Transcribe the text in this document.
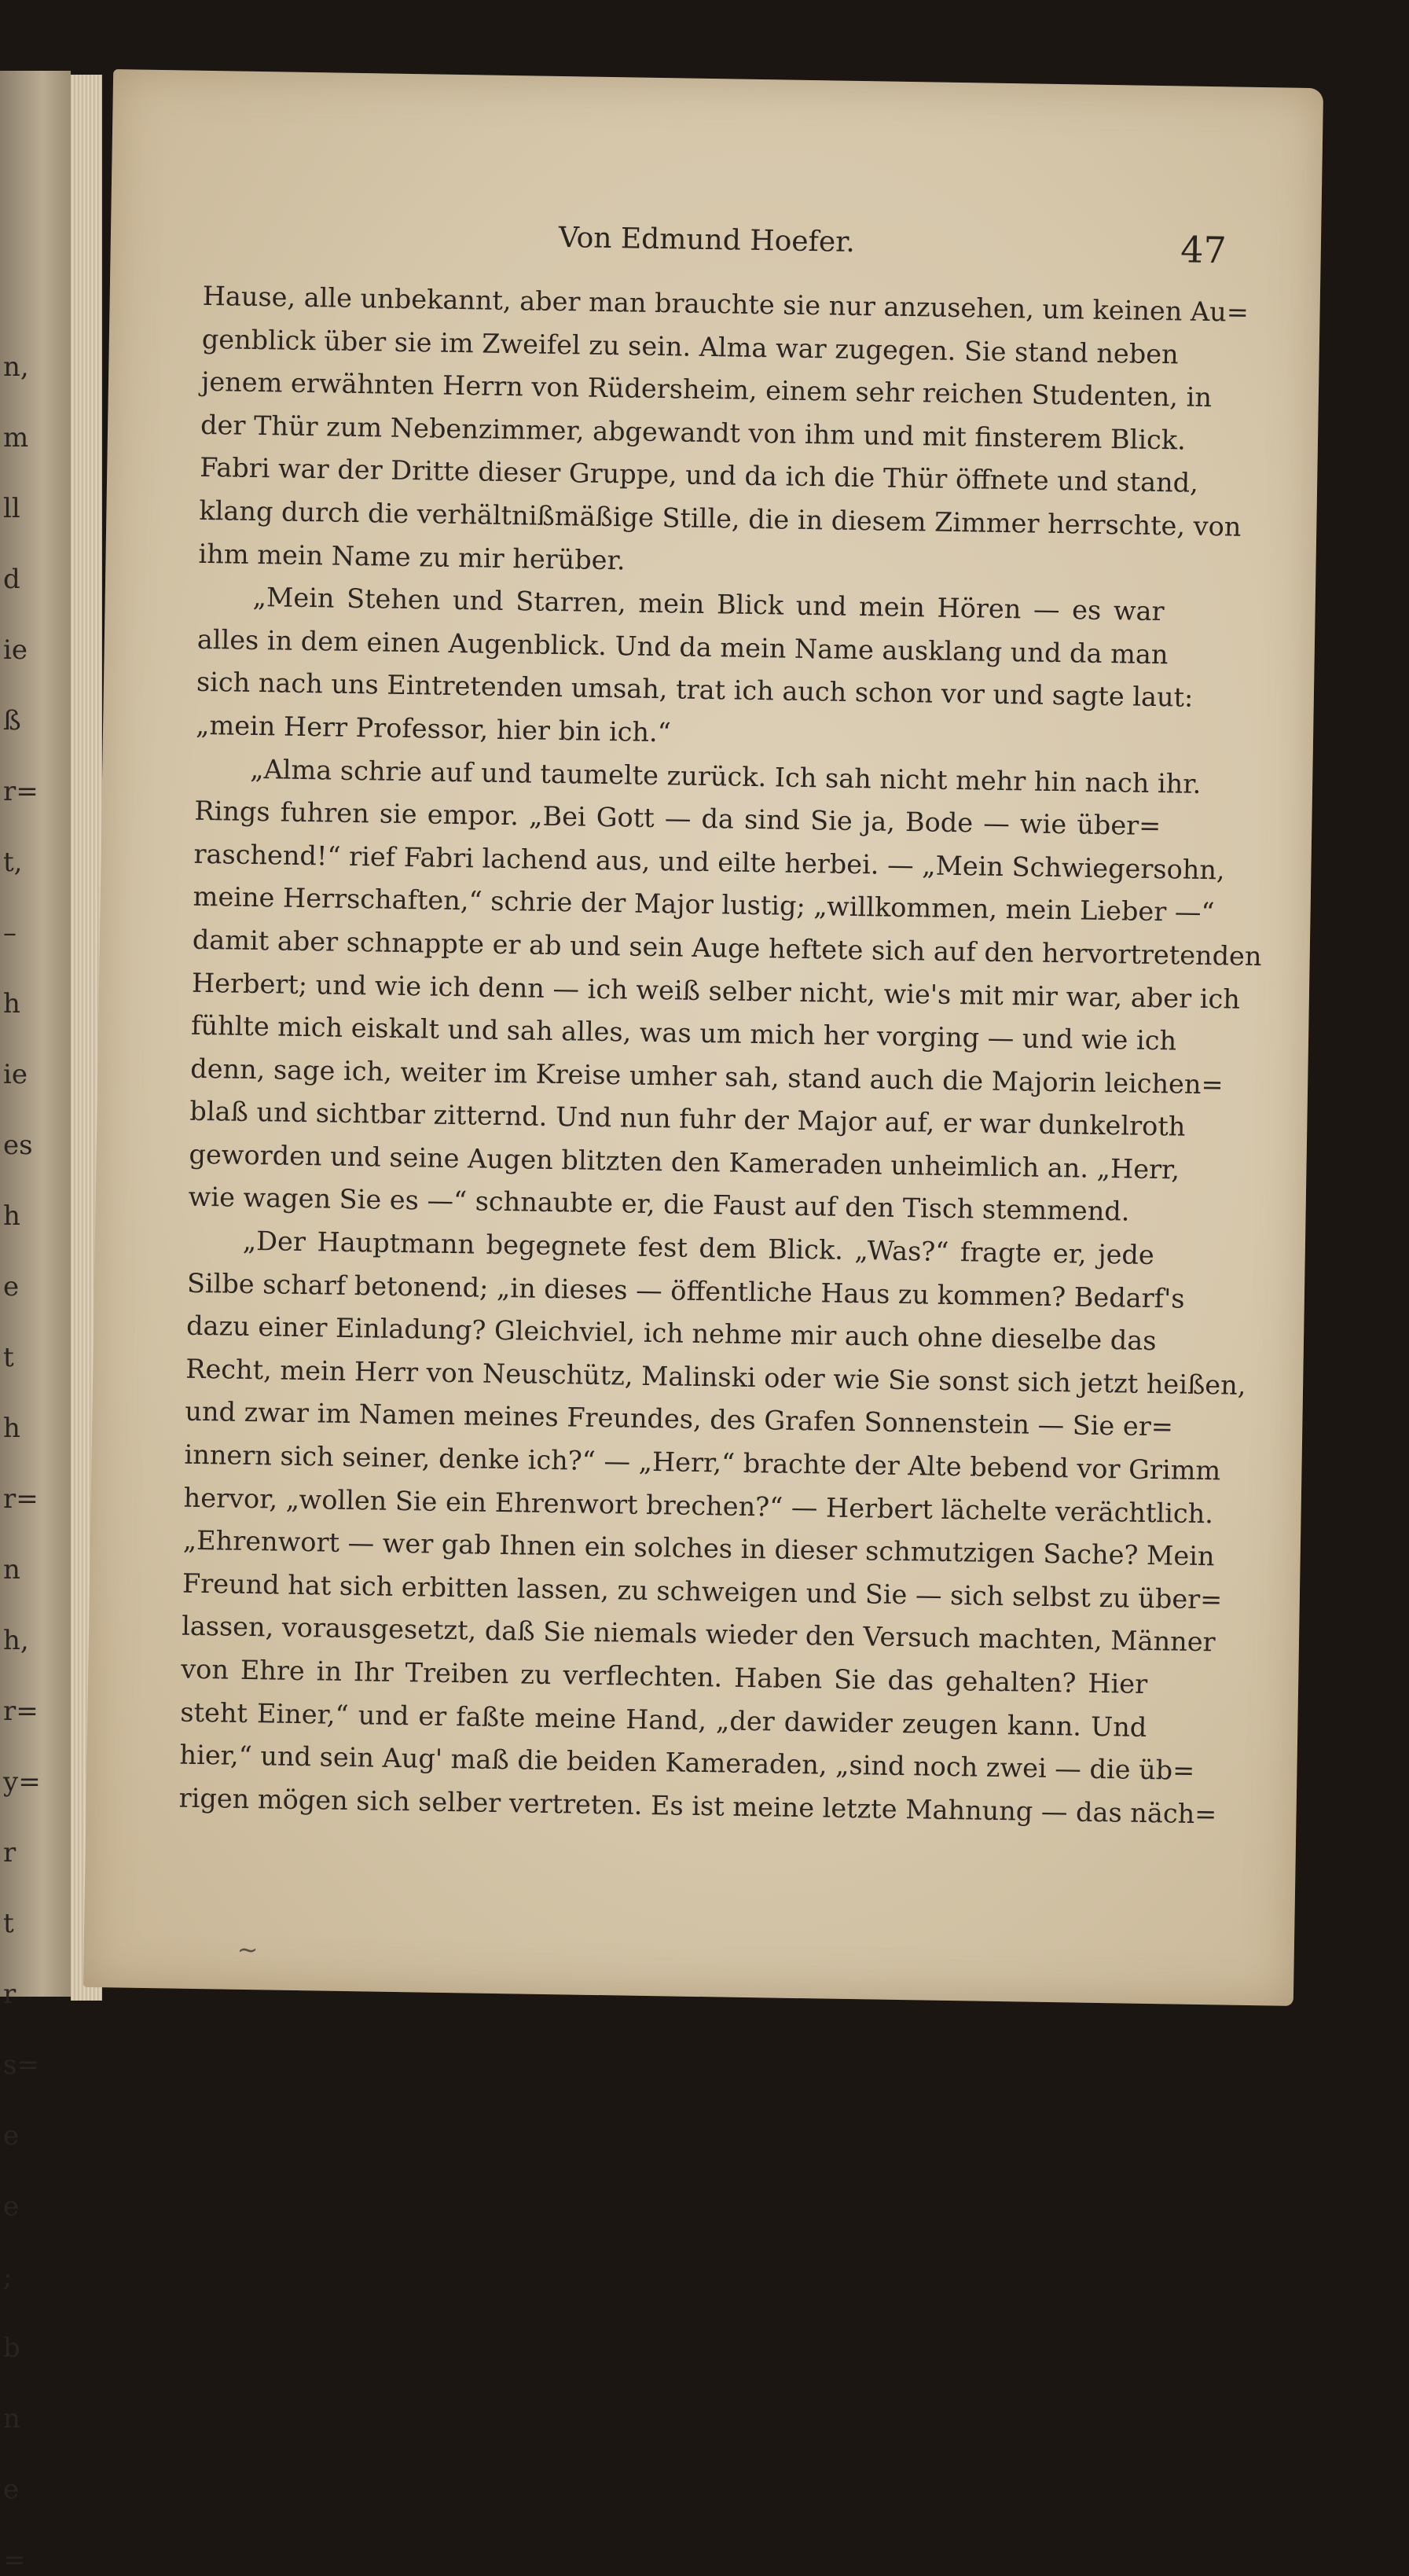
n,
m
ll
d
ie
ß
r=
t,
–
h
ie
es
h
e
t
h
r=
n
h,
r=
y=
r
t
r
s=
e
e
;
b
n
e
=
Von Edmund Hoefer.	47
Hause, alle unbekannt, aber man brauchte sie nur anzusehen, um keinen Au=
genblick über sie im Zweifel zu sein. Alma war zugegen. Sie stand neben
jenem erwähnten Herrn von Rüdersheim, einem sehr reichen Studenten, in
der Thür zum Nebenzimmer, abgewandt von ihm und mit finsterem Blick.
Fabri war der Dritte dieser Gruppe, und da ich die Thür öffnete und stand,
klang durch die verhältnißmäßige Stille, die in diesem Zimmer herrschte, von
ihm mein Name zu mir herüber.
„Mein Stehen und Starren, mein Blick und mein Hören — es war
alles in dem einen Augenblick. Und da mein Name ausklang und da man
sich nach uns Eintretenden umsah, trat ich auch schon vor und sagte laut:
„mein Herr Professor, hier bin ich.“
„Alma schrie auf und taumelte zurück. Ich sah nicht mehr hin nach ihr.
Rings fuhren sie empor. „Bei Gott — da sind Sie ja, Bode — wie über=
raschend!“ rief Fabri lachend aus, und eilte herbei. — „Mein Schwiegersohn,
meine Herrschaften,“ schrie der Major lustig; „willkommen, mein Lieber —“
damit aber schnappte er ab und sein Auge heftete sich auf den hervortretenden
Herbert; und wie ich denn — ich weiß selber nicht, wie's mit mir war, aber ich
fühlte mich eiskalt und sah alles, was um mich her vorging — und wie ich
denn, sage ich, weiter im Kreise umher sah, stand auch die Majorin leichen=
blaß und sichtbar zitternd. Und nun fuhr der Major auf, er war dunkelroth
geworden und seine Augen blitzten den Kameraden unheimlich an. „Herr,
wie wagen Sie es —“ schnaubte er, die Faust auf den Tisch stemmend.
„Der Hauptmann begegnete fest dem Blick. „Was?“ fragte er, jede
Silbe scharf betonend; „in dieses — öffentliche Haus zu kommen? Bedarf's
dazu einer Einladung? Gleichviel, ich nehme mir auch ohne dieselbe das
Recht, mein Herr von Neuschütz, Malinski oder wie Sie sonst sich jetzt heißen,
und zwar im Namen meines Freundes, des Grafen Sonnenstein — Sie er=
innern sich seiner, denke ich?“ — „Herr,“ brachte der Alte bebend vor Grimm
hervor, „wollen Sie ein Ehrenwort brechen?“ — Herbert lächelte verächtlich.
„Ehrenwort — wer gab Ihnen ein solches in dieser schmutzigen Sache? Mein
Freund hat sich erbitten lassen, zu schweigen und Sie — sich selbst zu über=
lassen, vorausgesetzt, daß Sie niemals wieder den Versuch machten, Männer
von Ehre in Ihr Treiben zu verflechten. Haben Sie das gehalten? Hier
steht Einer,“ und er faßte meine Hand, „der dawider zeugen kann. Und
hier,“ und sein Aug' maß die beiden Kameraden, „sind noch zwei — die üb=
rigen mögen sich selber vertreten. Es ist meine letzte Mahnung — das näch=
~
